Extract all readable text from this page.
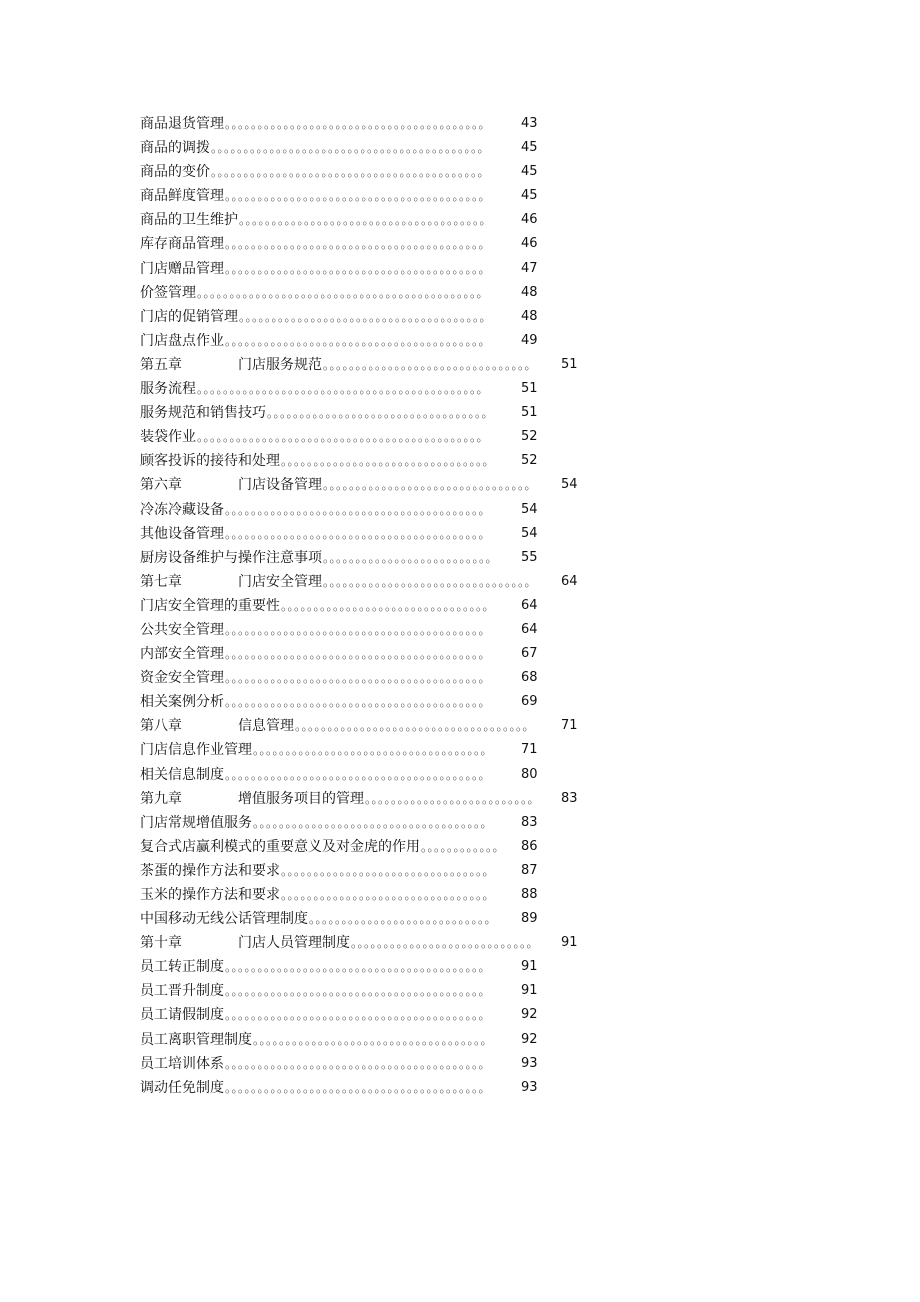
商品退货管理 。。。。。。。。。。。。。。。。。。。。。。。。。。。。。。。。。。。。。。。。	43
商品的调拨 。。。。。。。。。。。。。。。。。。。。。。。。。。。。。。。。。。。。。。。。。。	45
商品的变价 。。。。。。。。。。。。。。。。。。。。。。。。。。。。。。。。。。。。。。。。。。	45
商品鲜度管理 。。。。。。。。。。。。。。。。。。。。。。。。。。。。。。。。。。。。。。。。	45
商品的卫生维护 。。。。。。。。。。。。。。。。。。。。。。。。。。。。。。。。。。。。。。	46
库存商品管理 。。。。。。。。。。。。。。。。。。。。。。。。。。。。。。。。。。。。。。。。	46
门店赠品管理 。。。。。。。。。。。。。。。。。。。。。。。。。。。。。。。。。。。。。。。。	47
价签管理 。。。。。。。。。。。。。。。。。。。。。。。。。。。。。。。。。。。。。。。。。。。。	48
门店的促销管理 。。。。。。。。。。。。。。。。。。。。。。。。。。。。。。。。。。。。。。	48
门店盘点作业 。。。。。。。。。。。。。。。。。。。。。。。。。。。。。。。。。。。。。。。。	49
第五章	门店服务规范 。。。。。。。。。。。。。。。。。。。。。。。。。。。。。。。。	51
服务流程 。。。。。。。。。。。。。。。。。。。。。。。。。。。。。。。。。。。。。。。。。。。。	51
服务规范和销售技巧 。。。。。。。。。。。。。。。。。。。。。。。。。。。。。。。。。。	51
装袋作业 。。。。。。。。。。。。。。。。。。。。。。。。。。。。。。。。。。。。。。。。。。。。	52
顾客投诉的接待和处理 。。。。。。。。。。。。。。。。。。。。。。。。。。。。。。。。	52
第六章	门店设备管理 。。。。。。。。。。。。。。。。。。。。。。。。。。。。。。。。	54
冷冻冷藏设备 。。。。。。。。。。。。。。。。。。。。。。。。。。。。。。。。。。。。。。。。	54
其他设备管理 。。。。。。。。。。。。。。。。。。。。。。。。。。。。。。。。。。。。。。。。	54
厨房设备维护与操作注意事项 。。。。。。。。。。。。。。。。。。。。。。。。。。	55
第七章	门店安全管理 。。。。。。。。。。。。。。。。。。。。。。。。。。。。。。。。	64
门店安全管理的重要性 。。。。。。。。。。。。。。。。。。。。。。。。。。。。。。。。	64
公共安全管理 。。。。。。。。。。。。。。。。。。。。。。。。。。。。。。。。。。。。。。。。	64
内部安全管理 。。。。。。。。。。。。。。。。。。。。。。。。。。。。。。。。。。。。。。。。	67
资金安全管理 。。。。。。。。。。。。。。。。。。。。。。。。。。。。。。。。。。。。。。。。	68
相关案例分析 。。。。。。。。。。。。。。。。。。。。。。。。。。。。。。。。。。。。。。。。	69
第八章	信息管理 。。。。。。。。。。。。。。。。。。。。。。。。。。。。。。。。。。。。	71
门店信息作业管理 。。。。。。。。。。。。。。。。。。。。。。。。。。。。。。。。。。。。	71
相关信息制度 。。。。。。。。。。。。。。。。。。。。。。。。。。。。。。。。。。。。。。。。	80
第九章	增值服务项目的管理 。。。。。。。。。。。。。。。。。。。。。。。。。。	83
门店常规增值服务 。。。。。。。。。。。。。。。。。。。。。。。。。。。。。。。。。。。。	83
复合式店赢利模式的重要意义及对金虎的作用 。。。。。。。。。。。。	86
茶蛋的操作方法和要求 。。。。。。。。。。。。。。。。。。。。。。。。。。。。。。。。	87
玉米的操作方法和要求 。。。。。。。。。。。。。。。。。。。。。。。。。。。。。。。。	88
中国移动无线公话管理制度 。。。。。。。。。。。。。。。。。。。。。。。。。。。。	89
第十章	门店人员管理制度 。。。。。。。。。。。。。。。。。。。。。。。。。。。。	91
员工转正制度 。。。。。。。。。。。。。。。。。。。。。。。。。。。。。。。。。。。。。。。。	91
员工晋升制度 。。。。。。。。。。。。。。。。。。。。。。。。。。。。。。。。。。。。。。。。	91
员工请假制度 。。。。。。。。。。。。。。。。。。。。。。。。。。。。。。。。。。。。。。。。	92
员工离职管理制度 。。。。。。。。。。。。。。。。。。。。。。。。。。。。。。。。。。。。	92
员工培训体系 。。。。。。。。。。。。。。。。。。。。。。。。。。。。。。。。。。。。。。。。	93
调动任免制度 。。。。。。。。。。。。。。。。。。。。。。。。。。。。。。。。。。。。。。。。	93
